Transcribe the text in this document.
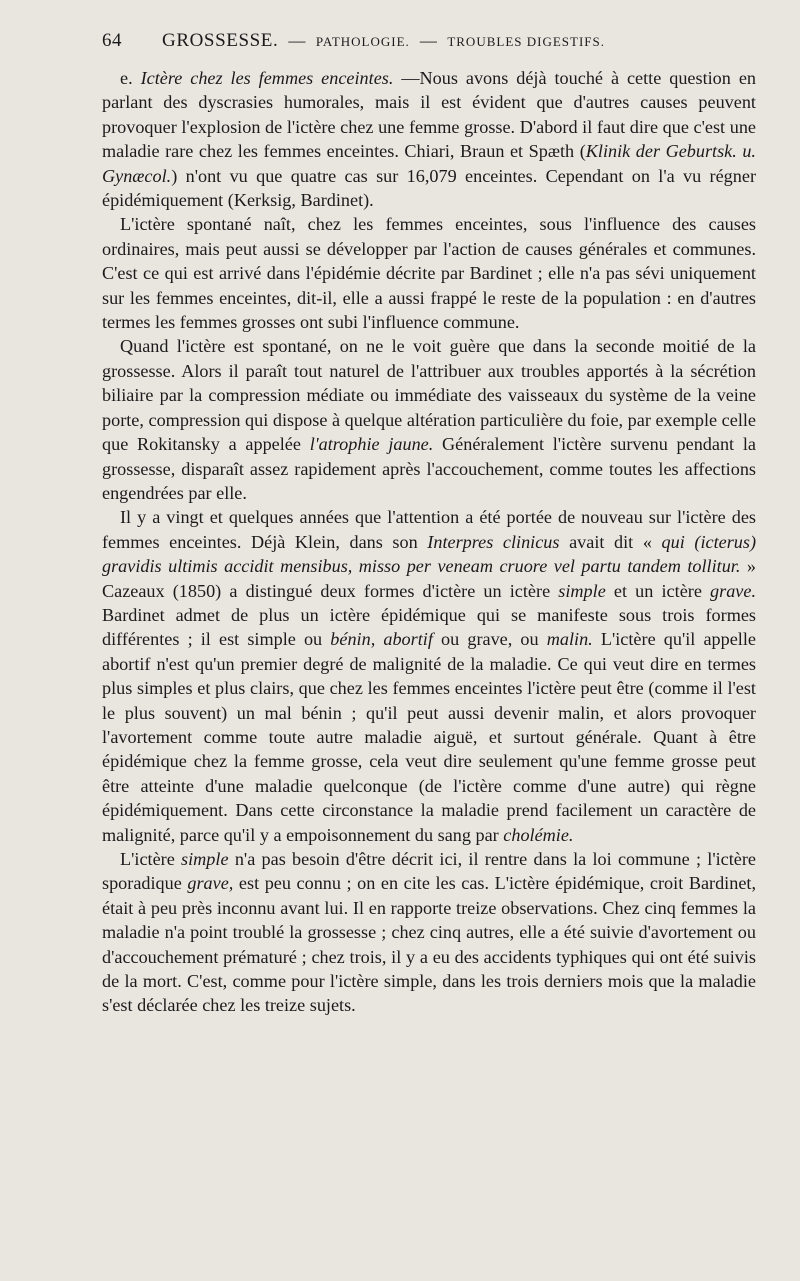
64 GROSSESSE. — PATHOLOGIE. — TROUBLES DIGESTIFS.

e. Ictère chez les femmes enceintes. —Nous avons déjà touché à cette question en parlant des dyscrasies humorales, mais il est évident que d'autres causes peuvent provoquer l'explosion de l'ictère chez une femme grosse. D'abord il faut dire que c'est une maladie rare chez les femmes enceintes. Chiari, Braun et Spæth (Klinik der Geburtsk. u. Gynæcol.) n'ont vu que quatre cas sur 16,079 enceintes. Cependant on l'a vu régner épidémiquement (Kerksig, Bardinet).

L'ictère spontané naît, chez les femmes enceintes, sous l'influence des causes ordinaires, mais peut aussi se développer par l'action de causes générales et communes. C'est ce qui est arrivé dans l'épidémie décrite par Bardinet ; elle n'a pas sévi uniquement sur les femmes enceintes, dit-il, elle a aussi frappé le reste de la population : en d'autres termes les femmes grosses ont subi l'influence commune.

Quand l'ictère est spontané, on ne le voit guère que dans la seconde moitié de la grossesse. Alors il paraît tout naturel de l'attribuer aux troubles apportés à la sécrétion biliaire par la compression médiate ou immédiate des vaisseaux du système de la veine porte, compression qui dispose à quelque altération particulière du foie, par exemple celle que Rokitansky a appelée l'atrophie jaune. Généralement l'ictère survenu pendant la grossesse, disparaît assez rapidement après l'accouchement, comme toutes les affections engendrées par elle.

Il y a vingt et quelques années que l'attention a été portée de nouveau sur l'ictère des femmes enceintes. Déjà Klein, dans son Interpres clinicus avait dit « qui (icterus) gravidis ultimis accidit mensibus, misso per veneam cruore vel partu tandem tollitur. » Cazeaux (1850) a distingué deux formes d'ictère un ictère simple et un ictère grave. Bardinet admet de plus un ictère épidémique qui se manifeste sous trois formes différentes ; il est simple ou bénin, abortif ou grave, ou malin. L'ictère qu'il appelle abortif n'est qu'un premier degré de malignité de la maladie. Ce qui veut dire en termes plus simples et plus clairs, que chez les femmes enceintes l'ictère peut être (comme il l'est le plus souvent) un mal bénin ; qu'il peut aussi devenir malin, et alors provoquer l'avortement comme toute autre maladie aiguë, et surtout générale. Quant à être épidémique chez la femme grosse, cela veut dire seulement qu'une femme grosse peut être atteinte d'une maladie quelconque (de l'ictère comme d'une autre) qui règne épidémiquement. Dans cette circonstance la maladie prend facilement un caractère de malignité, parce qu'il y a empoisonnement du sang par cholémie.

L'ictère simple n'a pas besoin d'être décrit ici, il rentre dans la loi commune ; l'ictère sporadique grave, est peu connu ; on en cite les cas. L'ictère épidémique, croit Bardinet, était à peu près inconnu avant lui. Il en rapporte treize observations. Chez cinq femmes la maladie n'a point troublé la grossesse ; chez cinq autres, elle a été suivie d'avortement ou d'accouchement prématuré ; chez trois, il y a eu des accidents typhiques qui ont été suivis de la mort. C'est, comme pour l'ictère simple, dans les trois derniers mois que la maladie s'est déclarée chez les treize sujets.
